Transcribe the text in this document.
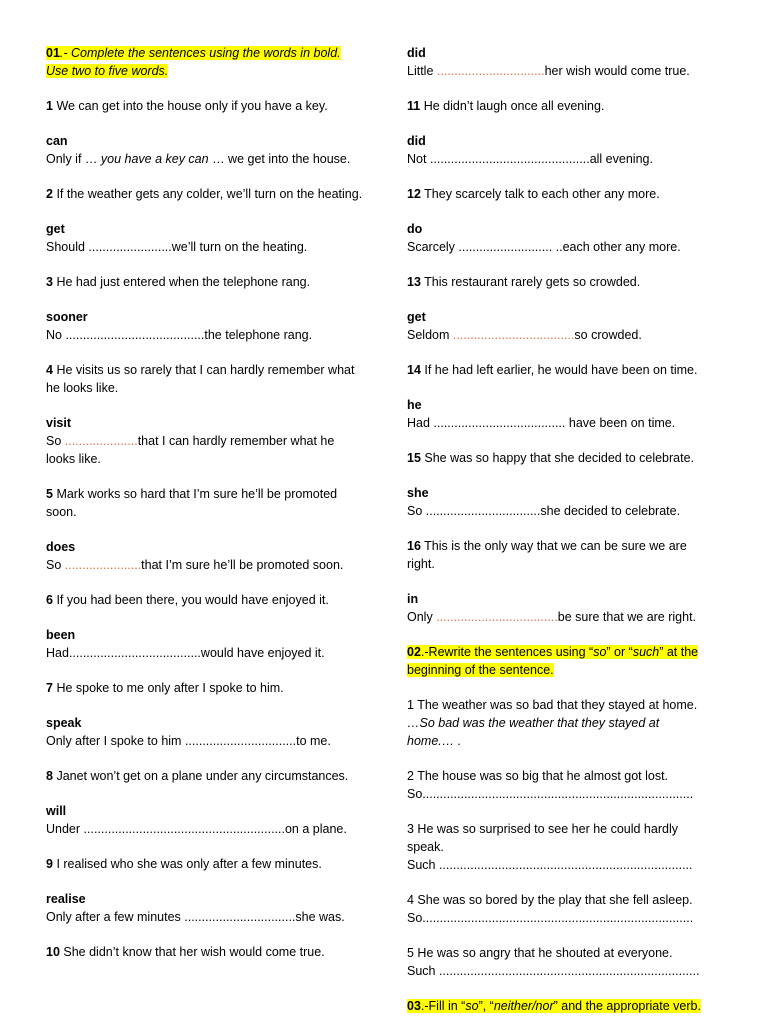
01.- Complete the sentences using the words in bold. Use two to five words.

1 We can get into the house only if you have a key.

can

Only if … you have a key can … we get into the house.

2 If the weather gets any colder, we’ll turn on the heating.

get

Should ........................we’ll turn on the heating.

3 He had just entered when the telephone rang.

sooner

No ........................................the telephone rang.

4 He visits us so rarely that I can hardly remember what he looks like.

visit

So .....................that I can hardly remember what he looks like.

5 Mark works so hard that I’m sure he’ll be promoted soon.

does

So ......................that I’m sure he’ll be promoted soon.

6 If you had been there, you would have enjoyed it.

been

Had......................................would have enjoyed it.

7 He spoke to me only after I spoke to him.

speak

Only after I spoke to him ................................to me.

8 Janet won’t get on a plane under any circumstances.

will

Under ..........................................................on a plane.

9 I realised who she was only after a few minutes.

realise

Only after a few minutes ................................she was.

10 She didn’t know that her wish would come true.

did

Little ...............................her wish would come true.

11 He didn’t laugh once all evening.

did

Not ..............................................all evening.

12 They scarcely talk to each other any more.

do

Scarcely ........................... ..each other any more.

13 This restaurant rarely gets so crowded.

get

Seldom ...................................so crowded.

14 If he had left earlier, he would have been on time.

he

Had ...................................... have been on time.

15 She was so happy that she decided to celebrate.

she

So .................................she decided to celebrate.

16 This is the only way that we can be sure we are right.

in

Only ...................................be sure that we are right.

02.-Rewrite the sentences using “so” or “such” at the beginning of the sentence.

1 The weather was so bad that they stayed at home.

…So bad was the weather that they stayed at home.… .

2 The house was so big that he almost got lost.

So..............................................................................

3 He was so surprised to see her he could hardly speak.

Such .........................................................................

4 She was so bored by the play that she fell asleep.

So..............................................................................

5 He was so angry that he shouted at everyone.

Such ...........................................................................

03.-Fill in “so”, “neither/nor” and the appropriate verb.
